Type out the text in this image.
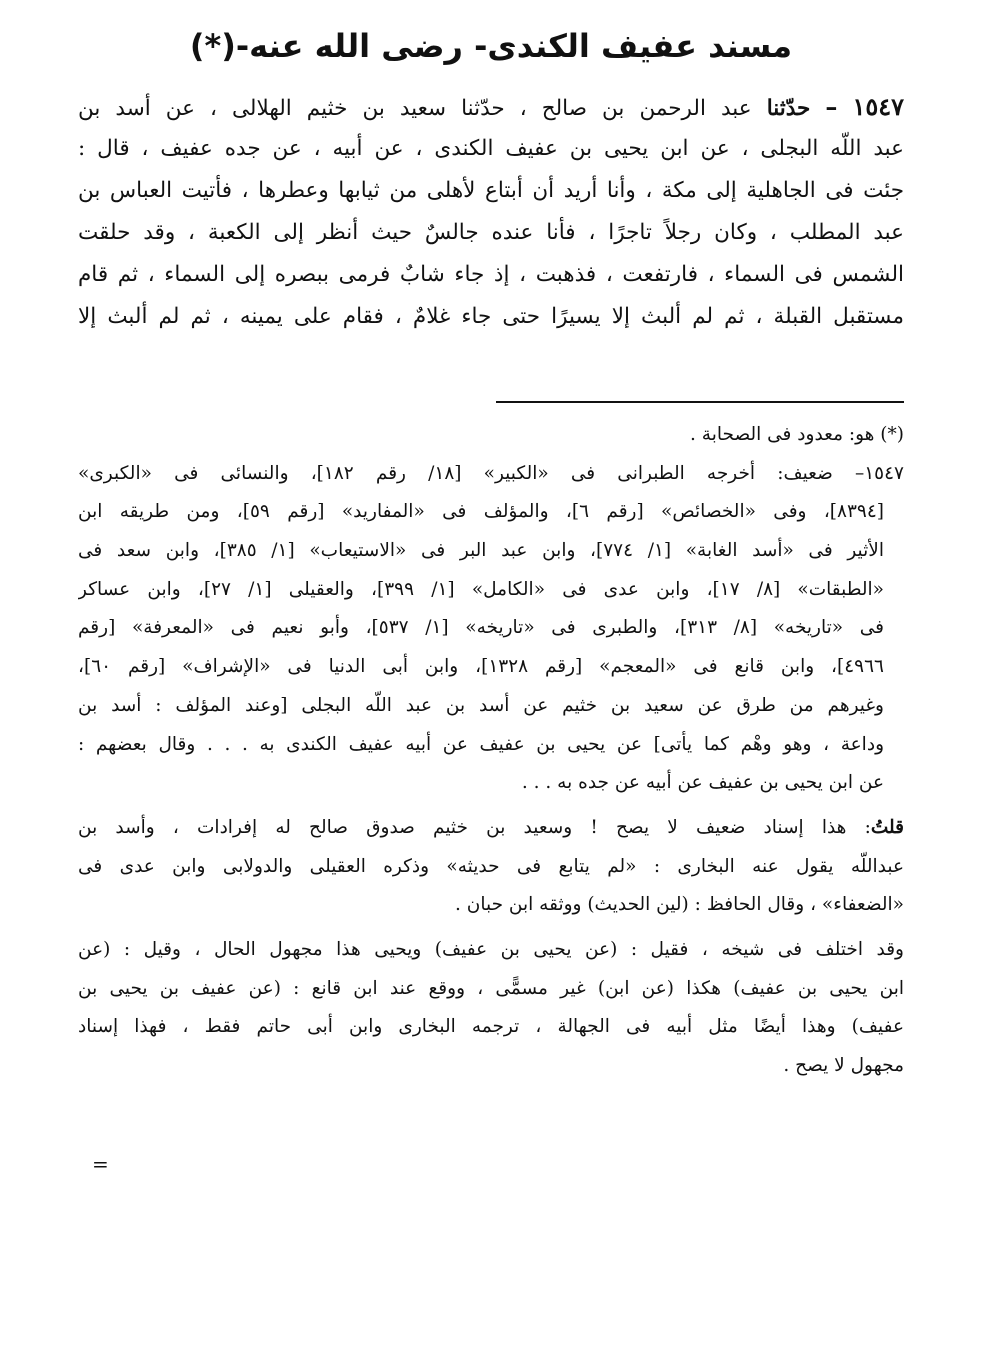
مسند عفيف الكندى- رضى الله عنه-(*)
١٥٤٧ – حدّثنا عبد الرحمن بن صالح ، حدّثنا سعيد بن خثيم الهلالى ، عن أسد بن
عبد اللّه البجلى ، عن ابن يحيى بن عفيف الكندى ، عن أبيه ، عن جده عفيف ، قال :
جئت فى الجاهلية إلى مكة ، وأنا أريد أن أبتاع لأهلى من ثيابها وعطرها ، فأتيت العباس بن
عبد المطلب ، وكان رجلاً تاجرًا ، فأنا عنده جالسٌ حيث أنظر إلى الكعبة ، وقد حلقت
الشمس فى السماء ، فارتفعت ، فذهبت ، إذ جاء شابٌ فرمى ببصره إلى السماء ، ثم قام
مستقبل القبلة ، ثم لم ألبث إلا يسيرًا حتى جاء غلامٌ ، فقام على يمينه ، ثم لم ألبث إلا
(*) هو: معدود فى الصحابة .
١٥٤٧– ضعيف: أخرجه الطبرانى فى «الكبير» [١٨/ رقم ١٨٢]، والنسائى فى «الكبرى»
[٨٣٩٤]، وفى «الخصائص» [رقم ٦]، والمؤلف فى «المفاريد» [رقم ٥٩]، ومن طريقه ابن
الأثير فى «أسد الغابة» [١/ ٧٧٤]، وابن عبد البر فى «الاستيعاب» [١/ ٣٨٥]، وابن سعد فى
«الطبقات» [٨/ ١٧]، وابن عدى فى «الكامل» [١/ ٣٩٩]، والعقيلى [١/ ٢٧]، وابن عساكر
فى «تاريخه» [٨/ ٣١٣]، والطبرى فى «تاريخه» [١/ ٥٣٧]، وأبو نعيم فى «المعرفة» [رقم
٤٩٦٦]، وابن قانع فى «المعجم» [رقم ١٣٢٨]، وابن أبى الدنيا فى «الإشراف» [رقم ٦٠]،
وغيرهم من طرق عن سعيد بن خثيم عن أسد بن عبد اللّه البجلى [وعند المؤلف : أسد بن
وداعة ، وهو وهْم كما يأتى] عن يحيى بن عفيف عن أبيه عفيف الكندى به . . . وقال بعضهم :
عن ابن يحيى بن عفيف عن أبيه عن جده به . . .
قلتُ: هذا إسناد ضعيف لا يصح ! وسعيد بن خثيم صدوق صالح له إفرادات ، وأسد بن
عبداللّه يقول عنه البخارى : «لم يتابع فى حديثه» وذكره العقيلى والدولابى وابن عدى فى
«الضعفاء» ، وقال الحافظ : (لين الحديث) ووثقه ابن حبان .
وقد اختلف فى شيخه ، فقيل : (عن يحيى بن عفيف) ويحيى هذا مجهول الحال ، وقيل : (عن
ابن يحيى بن عفيف) هكذا (عن ابن) غير مسمًّى ، ووقع عند ابن قانع : (عن عفيف بن يحيى بن
عفيف) وهذا أيضًا مثل أبيه فى الجهالة ، ترجمه البخارى وابن أبى حاتم فقط ، فهذا إسناد
مجهول لا يصح .
=
